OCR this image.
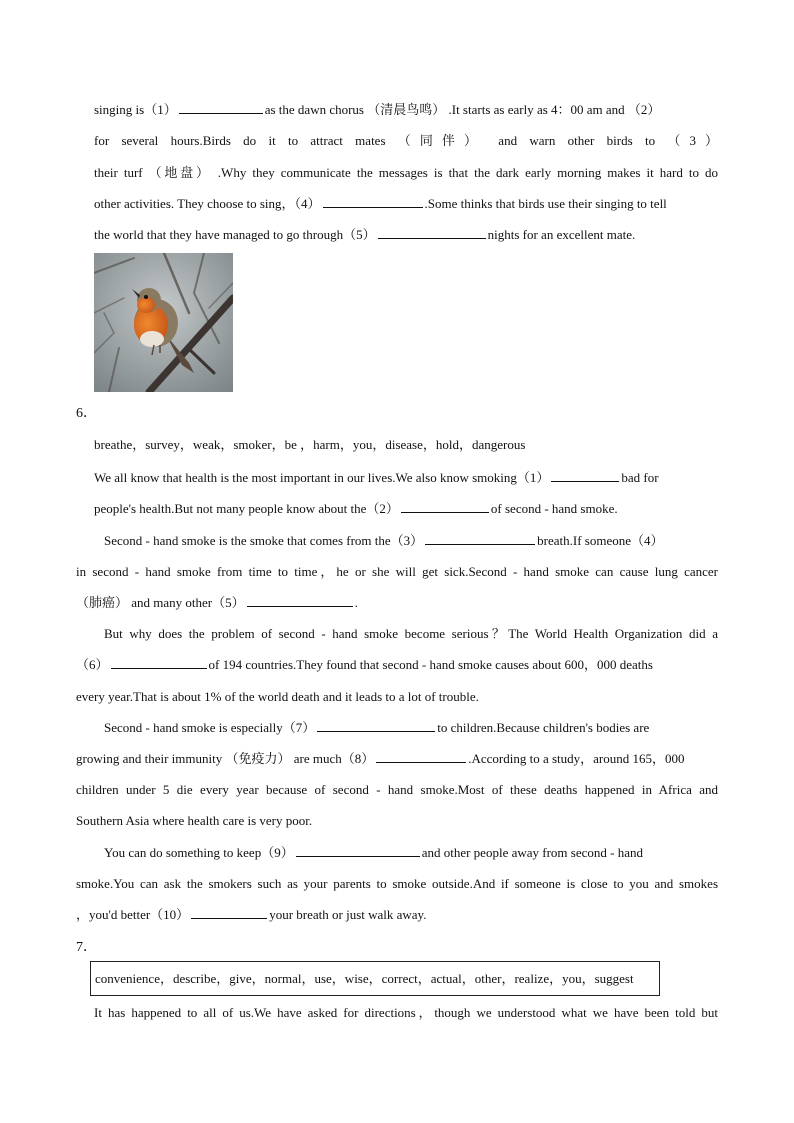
singing is（1）	as the dawn chorus （清晨鸟鸣） .It starts as early as 4：00 am and （2）
for several hours.Birds do it to attract mates （同伴） and warn other birds to （3）
their turf （地盘） .Why they communicate the messages is that the dark early morning makes it hard to do
other activities. They choose to sing，（4）	.Some thinks that birds use their singing to tell
the world that they have managed to go through（5）	nights for an excellent mate.
6．
breathe，survey，weak，smoker，be ，harm，you，disease，hold，dangerous
We all know that health is the most important in our lives.We also know smoking（1）	bad for
people's health.But not many people know about the（2）	of second - hand smoke.
Second - hand smoke is the smoke that comes from the（3）	breath.If someone（4）
in second - hand smoke from time to time，he or she will get sick.Second - hand smoke can cause lung cancer
（肺癌） and many other（5）	.
But why does the problem of second - hand smoke become serious？The World Health Organization did a
（6）	of 194 countries.They found that second - hand smoke causes about 600，000 deaths
every year.That is about 1% of the world death and it leads to a lot of trouble.
Second - hand smoke is especially（7）	to children.Because children's bodies are
growing and their immunity （免疫力） are much（8）	.According to a study，around 165，000
children under 5 die every year because of second - hand smoke.Most of these deaths happened in Africa and
Southern Asia where health care is very poor.
You can do something to keep（9）	and other people away from second - hand
smoke.You can ask the smokers such as your parents to smoke outside.And if someone is close to you and smokes
，you'd better（10）	your breath or just walk away.
7．
convenience，describe，give，normal，use，wise，correct，actual，other，realize，you，suggest
It has happened to all of us.We have asked for directions，though we understood what we have been told but
